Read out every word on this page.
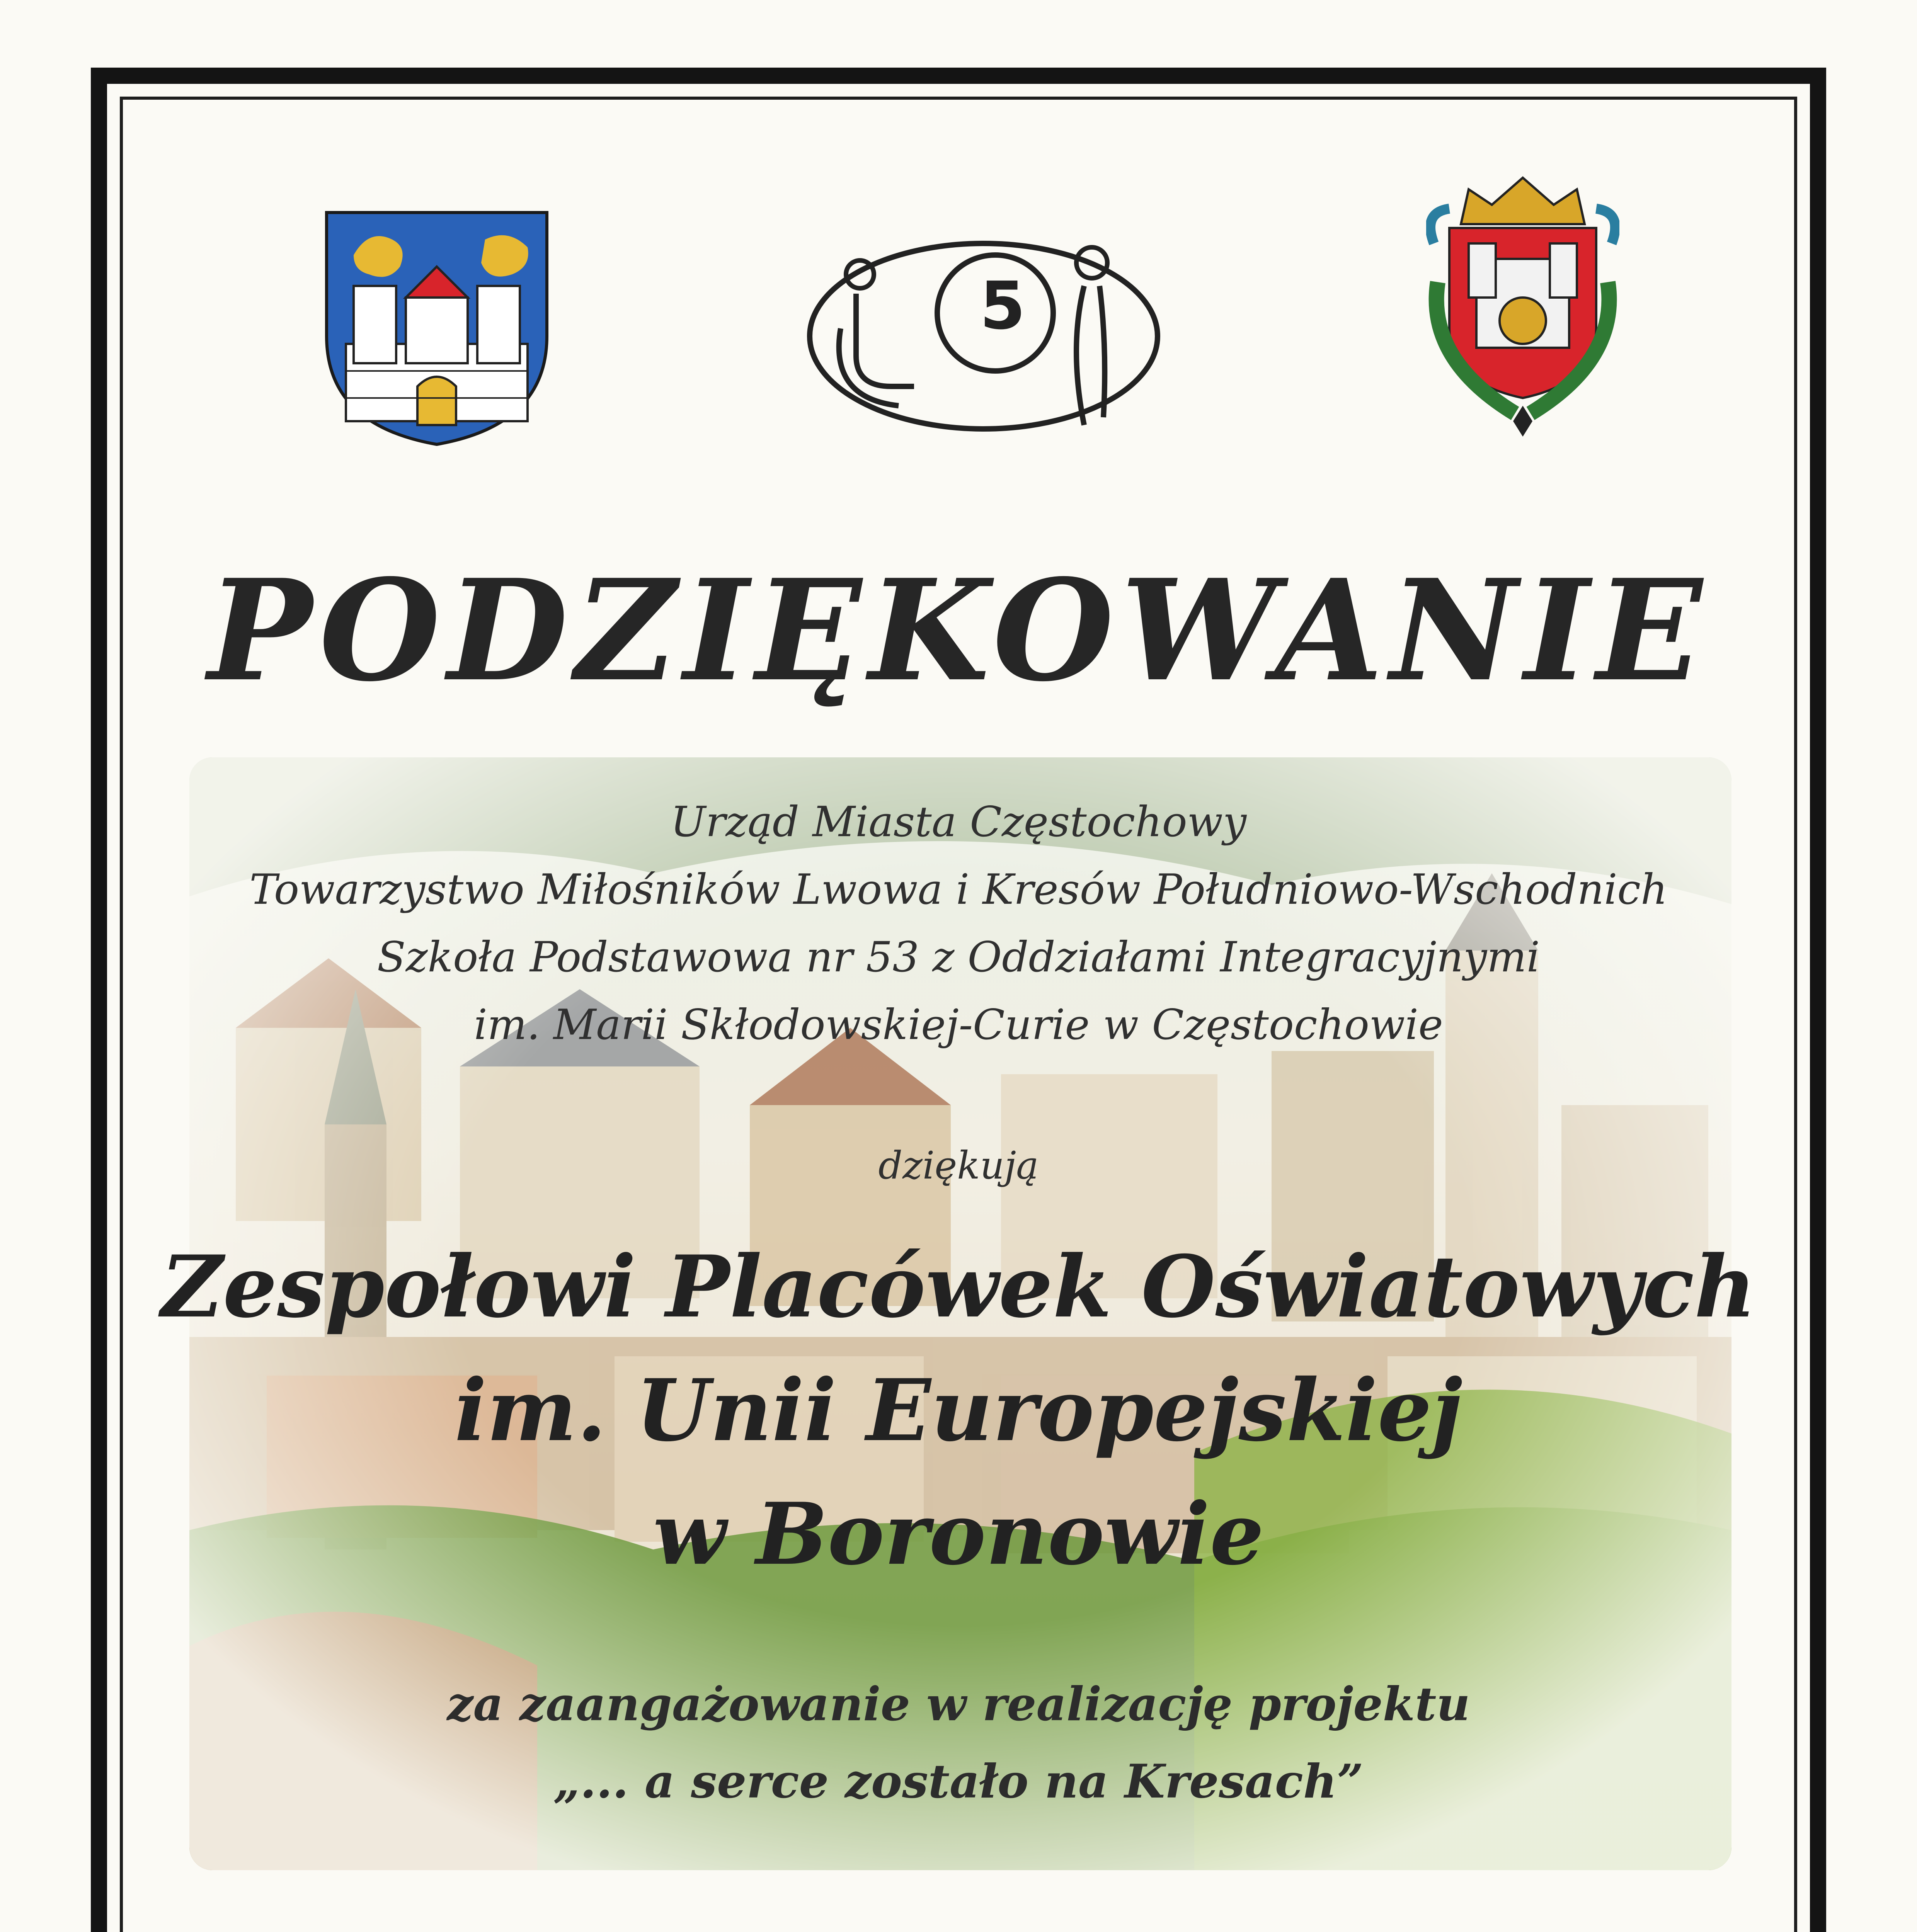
5
PODZIĘKOWANIE
Urząd Miasta Częstochowy
Towarzystwo Miłośników Lwowa i Kresów Południowo-Wschodnich
Szkoła Podstawowa nr 53 z Oddziałami Integracyjnymi
im. Marii Skłodowskiej-Curie w Częstochowie
dziękują
Zespołowi Placówek Oświatowych
im. Unii Europejskiej
w Boronowie
za zaangażowanie w realizację projektu
„... a serce zostało na Kresach”
